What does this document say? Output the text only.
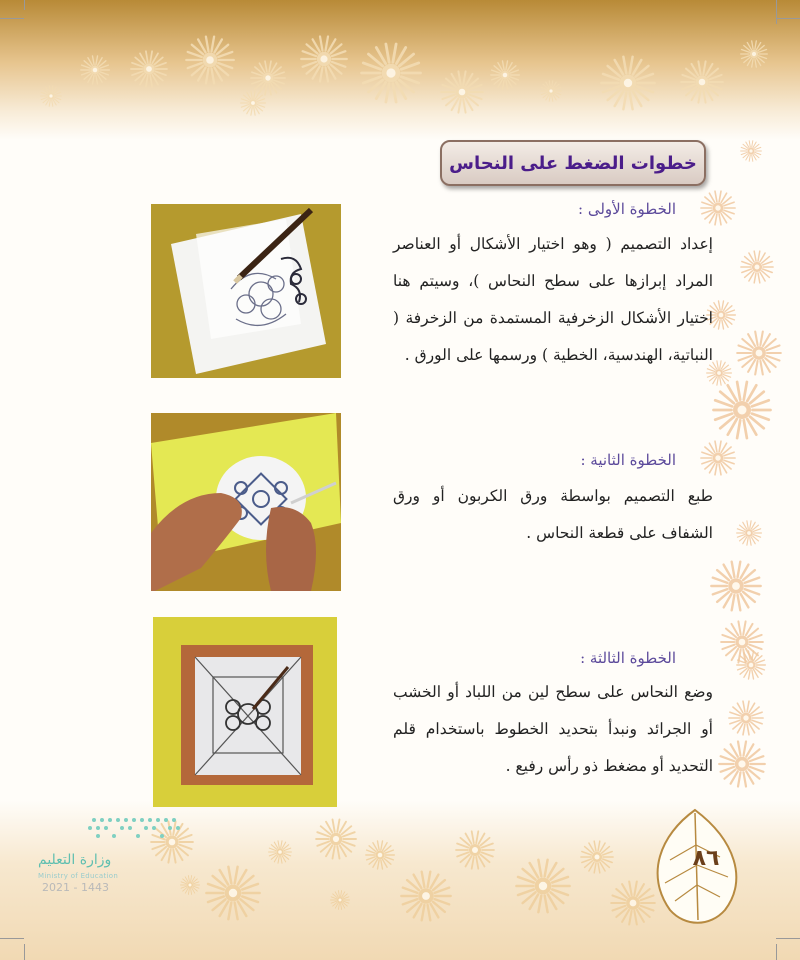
خطوات الضغط على النحاس
الخطوة الأولى :
إعداد التصميم ( وهو اختيار الأشكال أو العناصر المراد إبرازها على سطح النحاس )، وسيتم هنا اختيار الأشكال الزخرفية المستمدة من الزخرفة ( النباتية، الهندسية، الخطية ) ورسمها على الورق .
الخطوة الثانية :
طبع التصميم بواسطة ورق الكربون أو ورق الشفاف على قطعة النحاس .
الخطوة الثالثة :
وضع النحاس على سطح لين من اللباد أو الخشب أو الجرائد ونبدأ بتحديد الخطوط باستخدام قلم التحديد أو مضغط ذو رأس رفيع .
وزارة التعليم
Ministry of Education
2021 - 1443
٨٦
